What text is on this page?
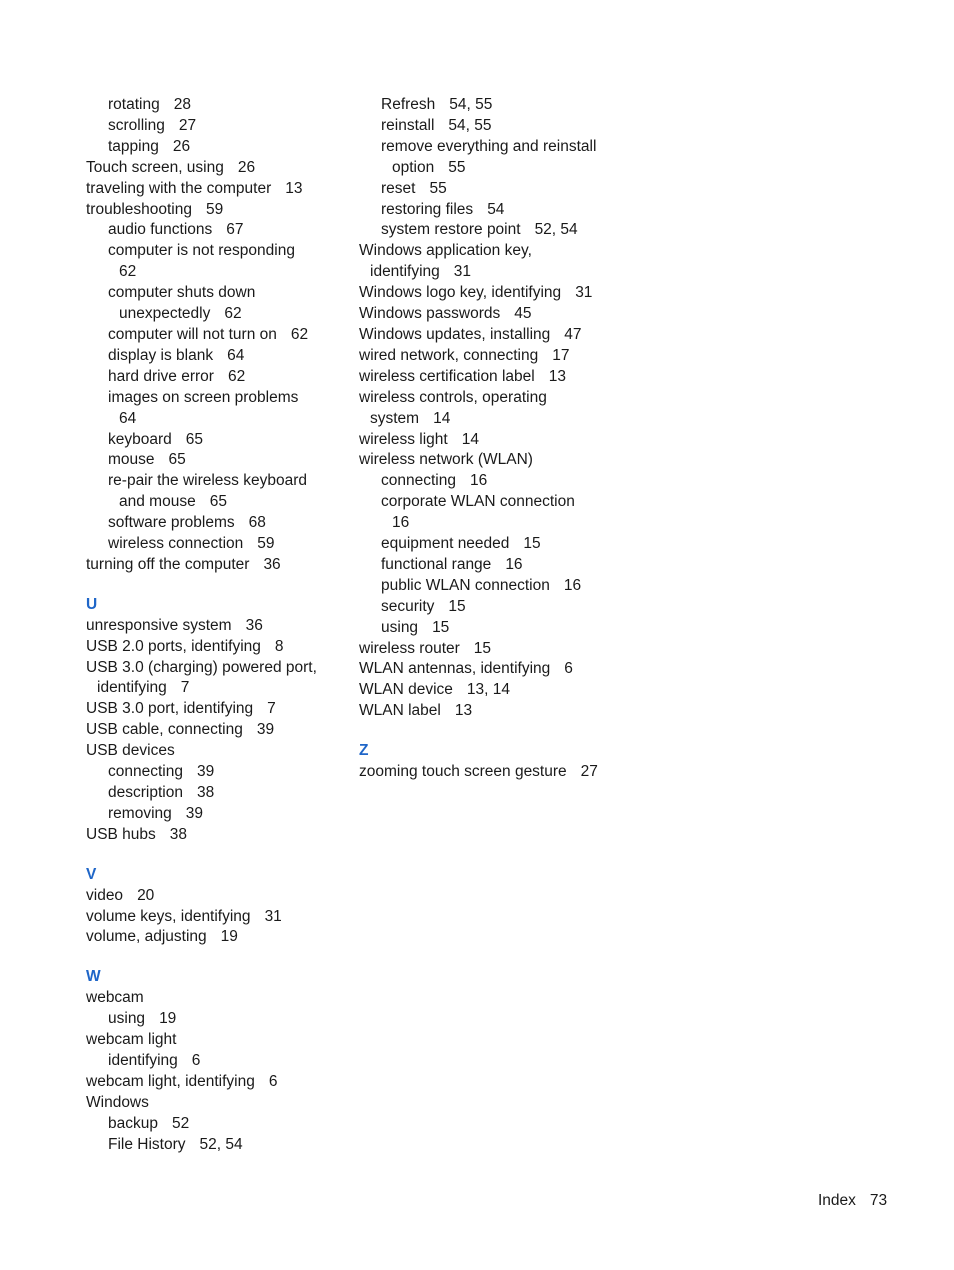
rotating 28
scrolling 27
tapping 26
Touch screen, using 26
traveling with the computer 13
troubleshooting 59
audio functions 67
computer is not responding
62
computer shuts down
unexpectedly 62
computer will not turn on 62
display is blank 64
hard drive error 62
images on screen problems
64
keyboard 65
mouse 65
re-pair the wireless keyboard
and mouse 65
software problems 68
wireless connection 59
turning off the computer 36
U
unresponsive system 36
USB 2.0 ports, identifying 8
USB 3.0 (charging) powered port,
identifying 7
USB 3.0 port, identifying 7
USB cable, connecting 39
USB devices
connecting 39
description 38
removing 39
USB hubs 38
V
video 20
volume keys, identifying 31
volume, adjusting 19
W
webcam
using 19
webcam light
identifying 6
webcam light, identifying 6
Windows
backup 52
File History 52, 54
Refresh 54, 55
reinstall 54, 55
remove everything and reinstall
option 55
reset 55
restoring files 54
system restore point 52, 54
Windows application key,
identifying 31
Windows logo key, identifying 31
Windows passwords 45
Windows updates, installing 47
wired network, connecting 17
wireless certification label 13
wireless controls, operating
system 14
wireless light 14
wireless network (WLAN)
connecting 16
corporate WLAN connection
16
equipment needed 15
functional range 16
public WLAN connection 16
security 15
using 15
wireless router 15
WLAN antennas, identifying 6
WLAN device 13, 14
WLAN label 13
Z
zooming touch screen gesture 27
Index 73
